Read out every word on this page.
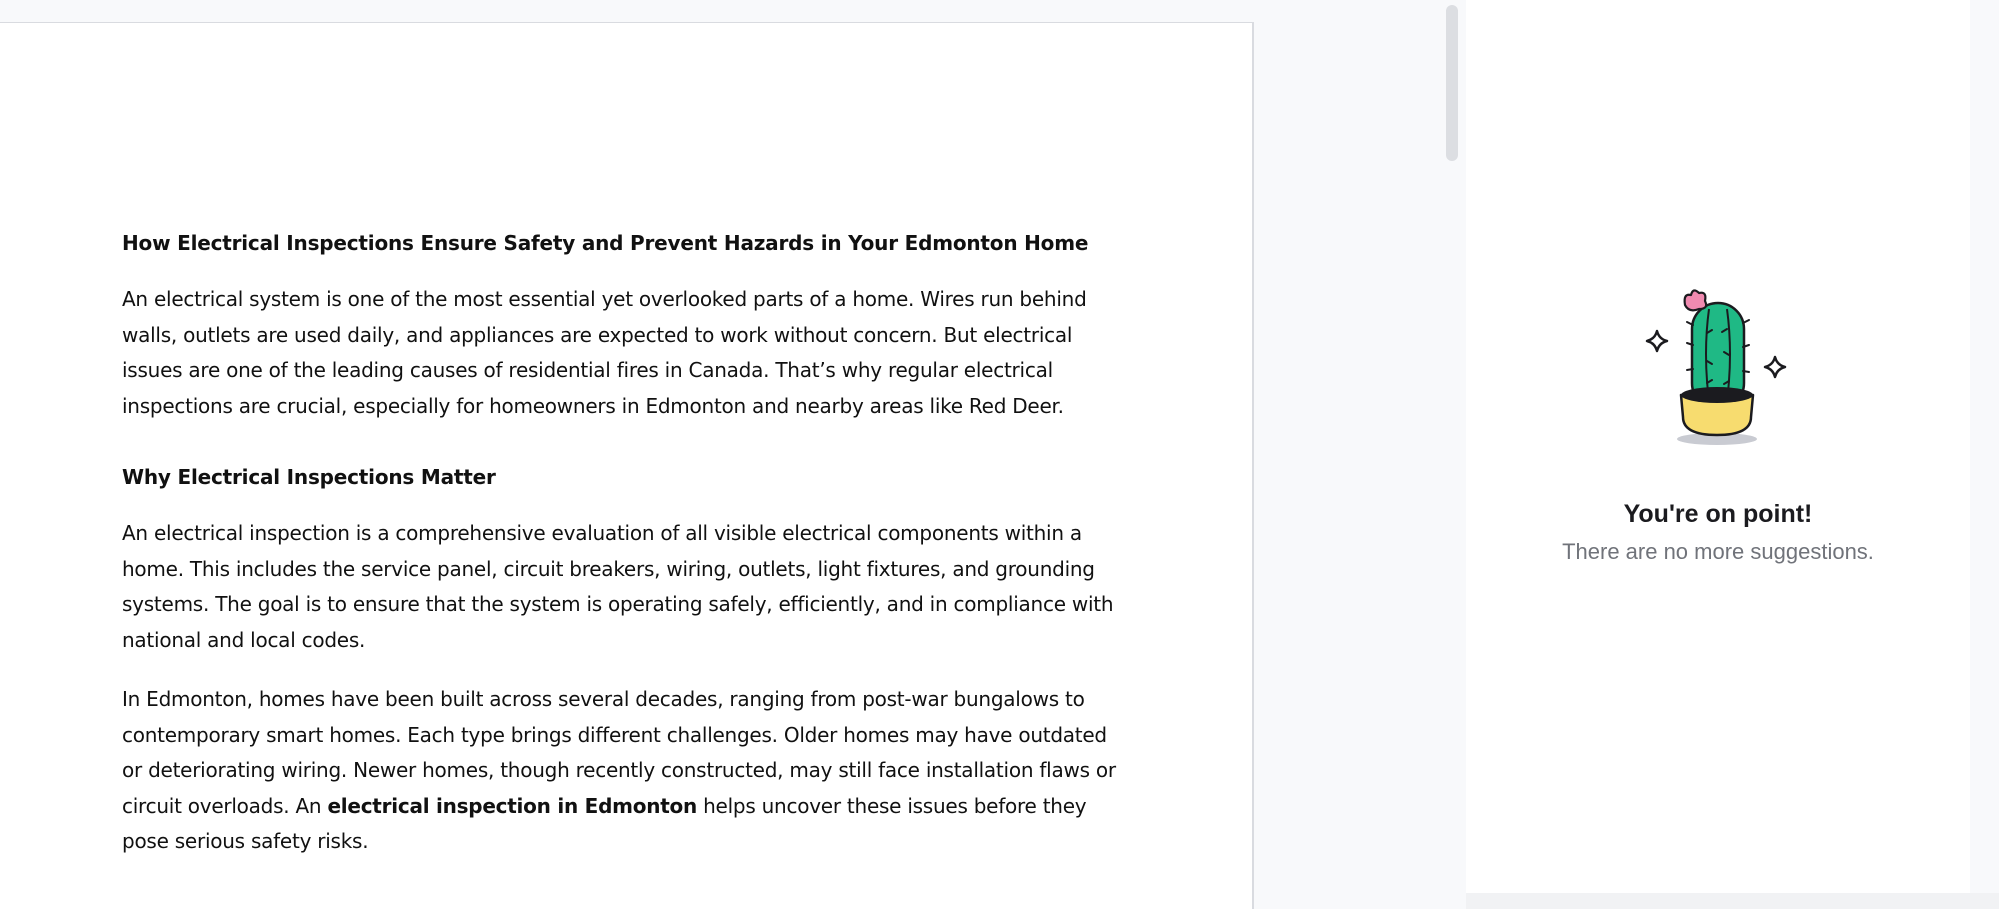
How Electrical Inspections Ensure Safety and Prevent Hazards in Your Edmonton Home

An electrical system is one of the most essential yet overlooked parts of a home. Wires run behind walls, outlets are used daily, and appliances are expected to work without concern. But electrical issues are one of the leading causes of residential fires in Canada. That’s why regular electrical inspections are crucial, especially for homeowners in Edmonton and nearby areas like Red Deer.

Why Electrical Inspections Matter

An electrical inspection is a comprehensive evaluation of all visible electrical components within a home. This includes the service panel, circuit breakers, wiring, outlets, light fixtures, and grounding systems. The goal is to ensure that the system is operating safely, efficiently, and in compliance with national and local codes.

In Edmonton, homes have been built across several decades, ranging from post-war bungalows to contemporary smart homes. Each type brings different challenges. Older homes may have outdated or deteriorating wiring. Newer homes, though recently constructed, may still face installation flaws or circuit overloads. An electrical inspection in Edmonton helps uncover these issues before they pose serious safety risks.

You're on point!
There are no more suggestions.
